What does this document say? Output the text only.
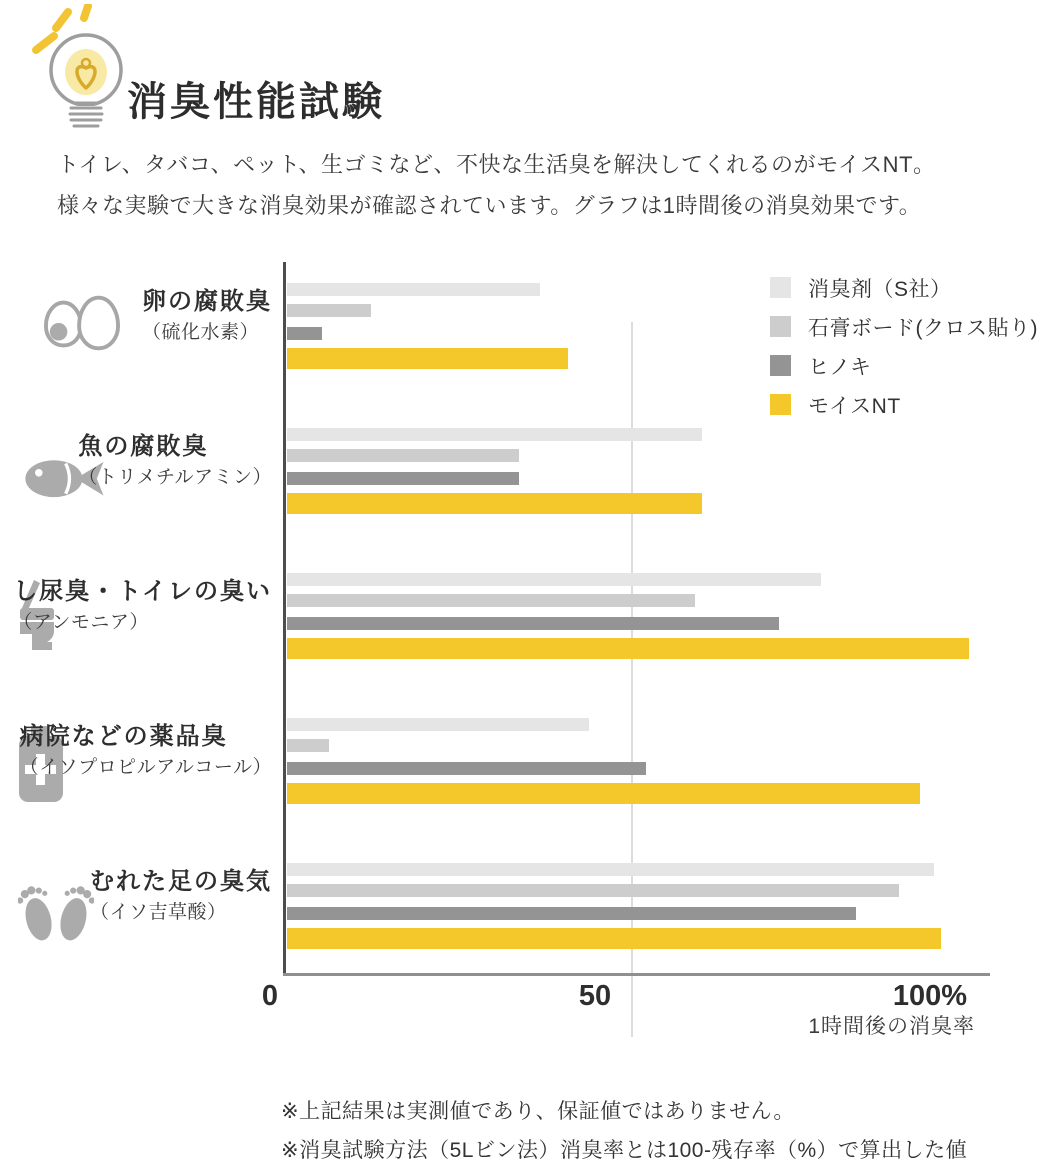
消臭性能試験
トイレ、タバコ、ペット、生ゴミなど、不快な生活臭を解決してくれるのがモイスNT。
様々な実験で大きな消臭効果が確認されています。グラフは1時間後の消臭効果です。
消臭剤（S社）
石膏ボード(クロス貼り)
ヒノキ
モイスNT
0	50	100%
1時間後の消臭率
※上記結果は実測値であり、保証値ではありません。
※消臭試験方法（5Lビン法）消臭率とは100-残存率（%）で算出した値
卵の腐敗臭
（硫化水素）
魚の腐敗臭
（トリメチルアミン）
し尿臭・トイレの臭い
（アンモニア）
病院などの薬品臭
（イソプロピルアルコール）
むれた足の臭気
（イソ吉草酸）
